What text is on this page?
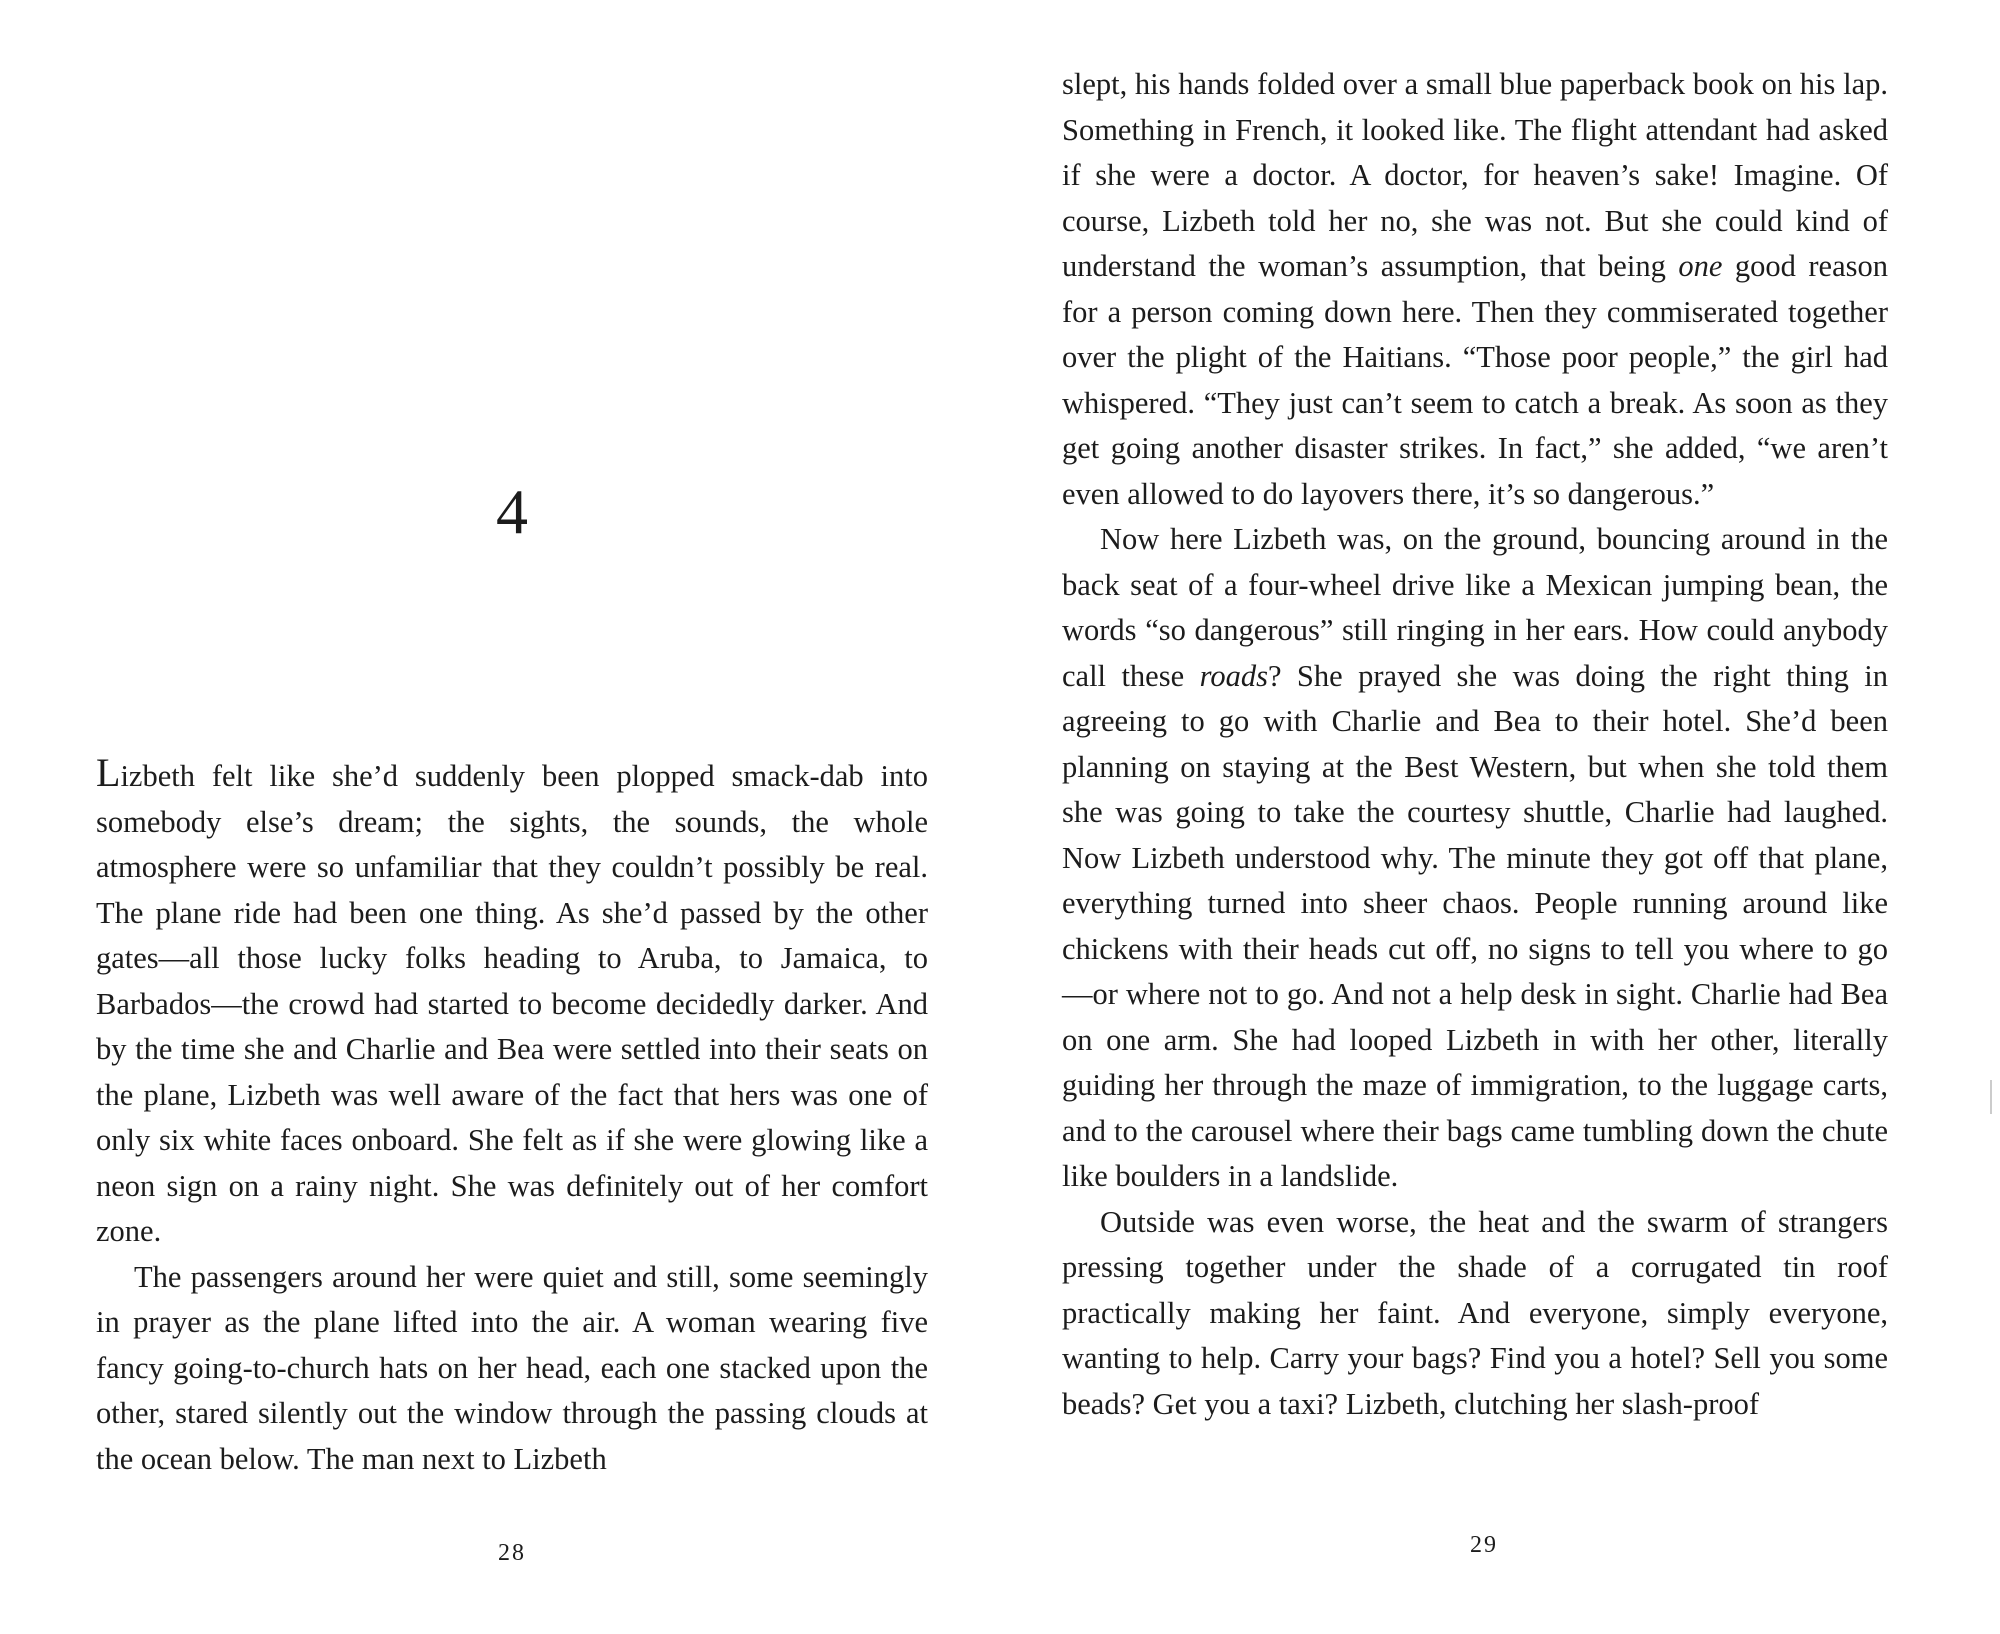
4

Lizbeth felt like she’d suddenly been plopped smack-dab into somebody else’s dream; the sights, the sounds, the whole atmosphere were so unfamiliar that they couldn’t possibly be real. The plane ride had been one thing. As she’d passed by the other gates—all those lucky folks heading to Aruba, to Jamaica, to Barbados—the crowd had started to become decidedly darker. And by the time she and Charlie and Bea were settled into their seats on the plane, Lizbeth was well aware of the fact that hers was one of only six white faces onboard. She felt as if she were glowing like a neon sign on a rainy night. She was definitely out of her comfort zone.

The passengers around her were quiet and still, some seemingly in prayer as the plane lifted into the air. A woman wearing five fancy going-to-church hats on her head, each one stacked upon the other, stared silently out the window through the passing clouds at the ocean below. The man next to Lizbeth

28

slept, his hands folded over a small blue paperback book on his lap. Something in French, it looked like. The flight attendant had asked if she were a doctor. A doctor, for heaven’s sake! Imagine. Of course, Lizbeth told her no, she was not. But she could kind of understand the woman’s assumption, that being one good reason for a person coming down here. Then they commiserated together over the plight of the Haitians. “Those poor people,” the girl had whispered. “They just can’t seem to catch a break. As soon as they get going another disaster strikes. In fact,” she added, “we aren’t even allowed to do layovers there, it’s so dangerous.”

Now here Lizbeth was, on the ground, bouncing around in the back seat of a four-wheel drive like a Mexican jumping bean, the words “so dangerous” still ringing in her ears. How could anybody call these roads? She prayed she was doing the right thing in agreeing to go with Charlie and Bea to their hotel. She’d been planning on staying at the Best Western, but when she told them she was going to take the courtesy shuttle, Charlie had laughed. Now Lizbeth understood why. The minute they got off that plane, everything turned into sheer chaos. People running around like chickens with their heads cut off, no signs to tell you where to go—or where not to go. And not a help desk in sight. Charlie had Bea on one arm. She had looped Lizbeth in with her other, literally guiding her through the maze of immigration, to the luggage carts, and to the carousel where their bags came tumbling down the chute like boulders in a landslide.

Outside was even worse, the heat and the swarm of strangers pressing together under the shade of a corrugated tin roof practically making her faint. And everyone, simply everyone, wanting to help. Carry your bags? Find you a hotel? Sell you some beads? Get you a taxi? Lizbeth, clutching her slash-proof

29
